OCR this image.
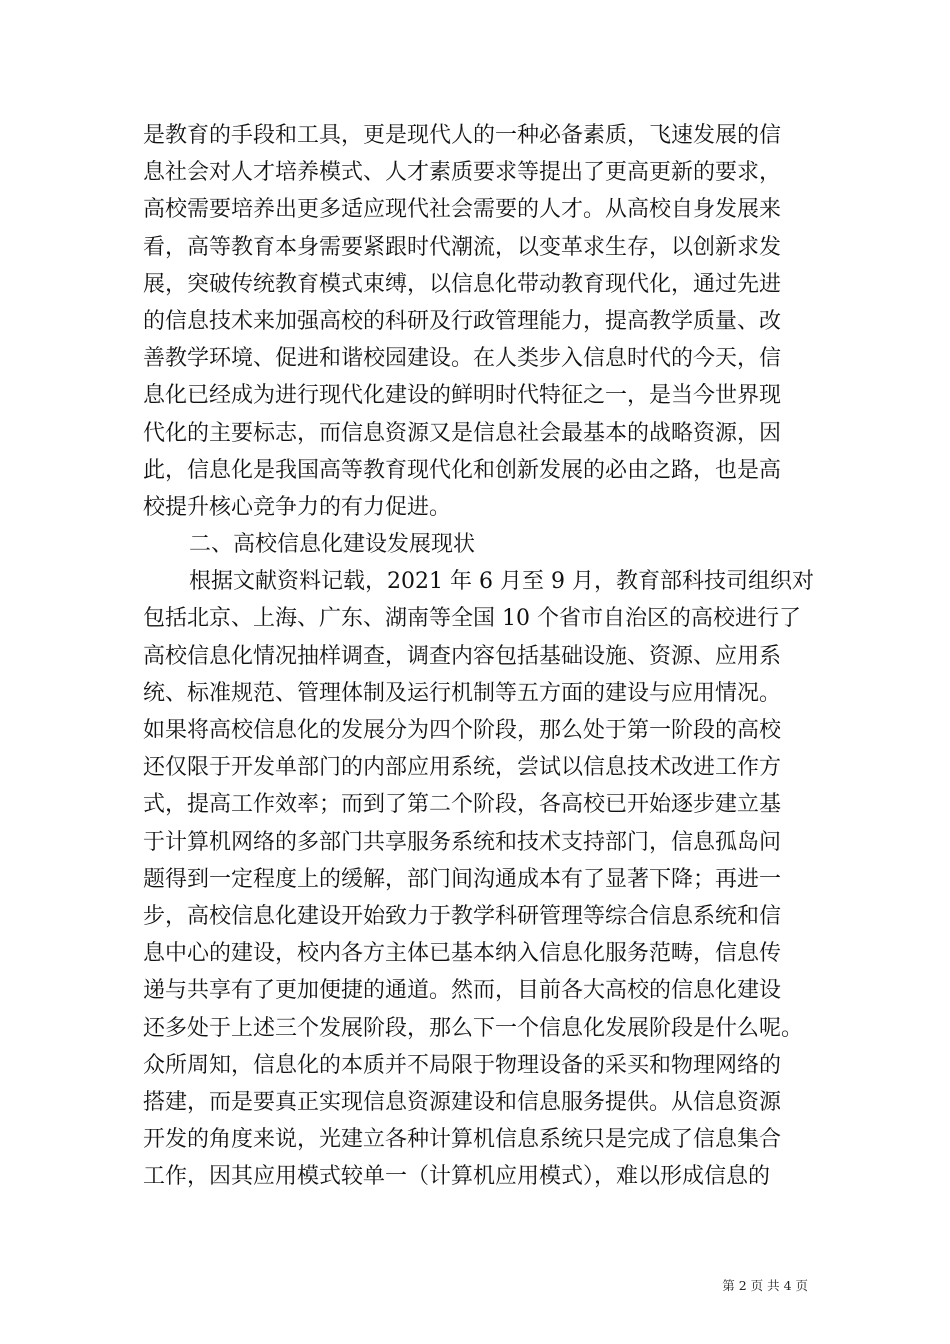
是教育的手段和工具，更是现代人的一种必备素质，飞速发展的信
息社会对人才培养模式、人才素质要求等提出了更高更新的要求，
高校需要培养出更多适应现代社会需要的人才。从高校自身发展来
看，高等教育本身需要紧跟时代潮流，以变革求生存，以创新求发
展，突破传统教育模式束缚，以信息化带动教育现代化，通过先进
的信息技术来加强高校的科研及行政管理能力，提高教学质量、改
善教学环境、促进和谐校园建设。在人类步入信息时代的今天，信
息化已经成为进行现代化建设的鲜明时代特征之一，是当今世界现
代化的主要标志，而信息资源又是信息社会最基本的战略资源，因
此，信息化是我国高等教育现代化和创新发展的必由之路，也是高
校提升核心竞争力的有力促进。
二、高校信息化建设发展现状
根据文献资料记载，2021 年 6 月至 9 月，教育部科技司组织对
包括北京、上海、广东、湖南等全国 10 个省市自治区的高校进行了
高校信息化情况抽样调查，调查内容包括基础设施、资源、应用系
统、标准规范、管理体制及运行机制等五方面的建设与应用情况。
如果将高校信息化的发展分为四个阶段，那么处于第一阶段的高校
还仅限于开发单部门的内部应用系统，尝试以信息技术改进工作方
式，提高工作效率；而到了第二个阶段，各高校已开始逐步建立基
于计算机网络的多部门共享服务系统和技术支持部门，信息孤岛问
题得到一定程度上的缓解，部门间沟通成本有了显著下降；再进一
步，高校信息化建设开始致力于教学科研管理等综合信息系统和信
息中心的建设，校内各方主体已基本纳入信息化服务范畴，信息传
递与共享有了更加便捷的通道。然而，目前各大高校的信息化建设
还多处于上述三个发展阶段，那么下一个信息化发展阶段是什么呢。
众所周知，信息化的本质并不局限于物理设备的采买和物理网络的
搭建，而是要真正实现信息资源建设和信息服务提供。从信息资源
开发的角度来说，光建立各种计算机信息系统只是完成了信息集合
工作，因其应用模式较单一（计算机应用模式），难以形成信息的
第 2 页 共 4 页
